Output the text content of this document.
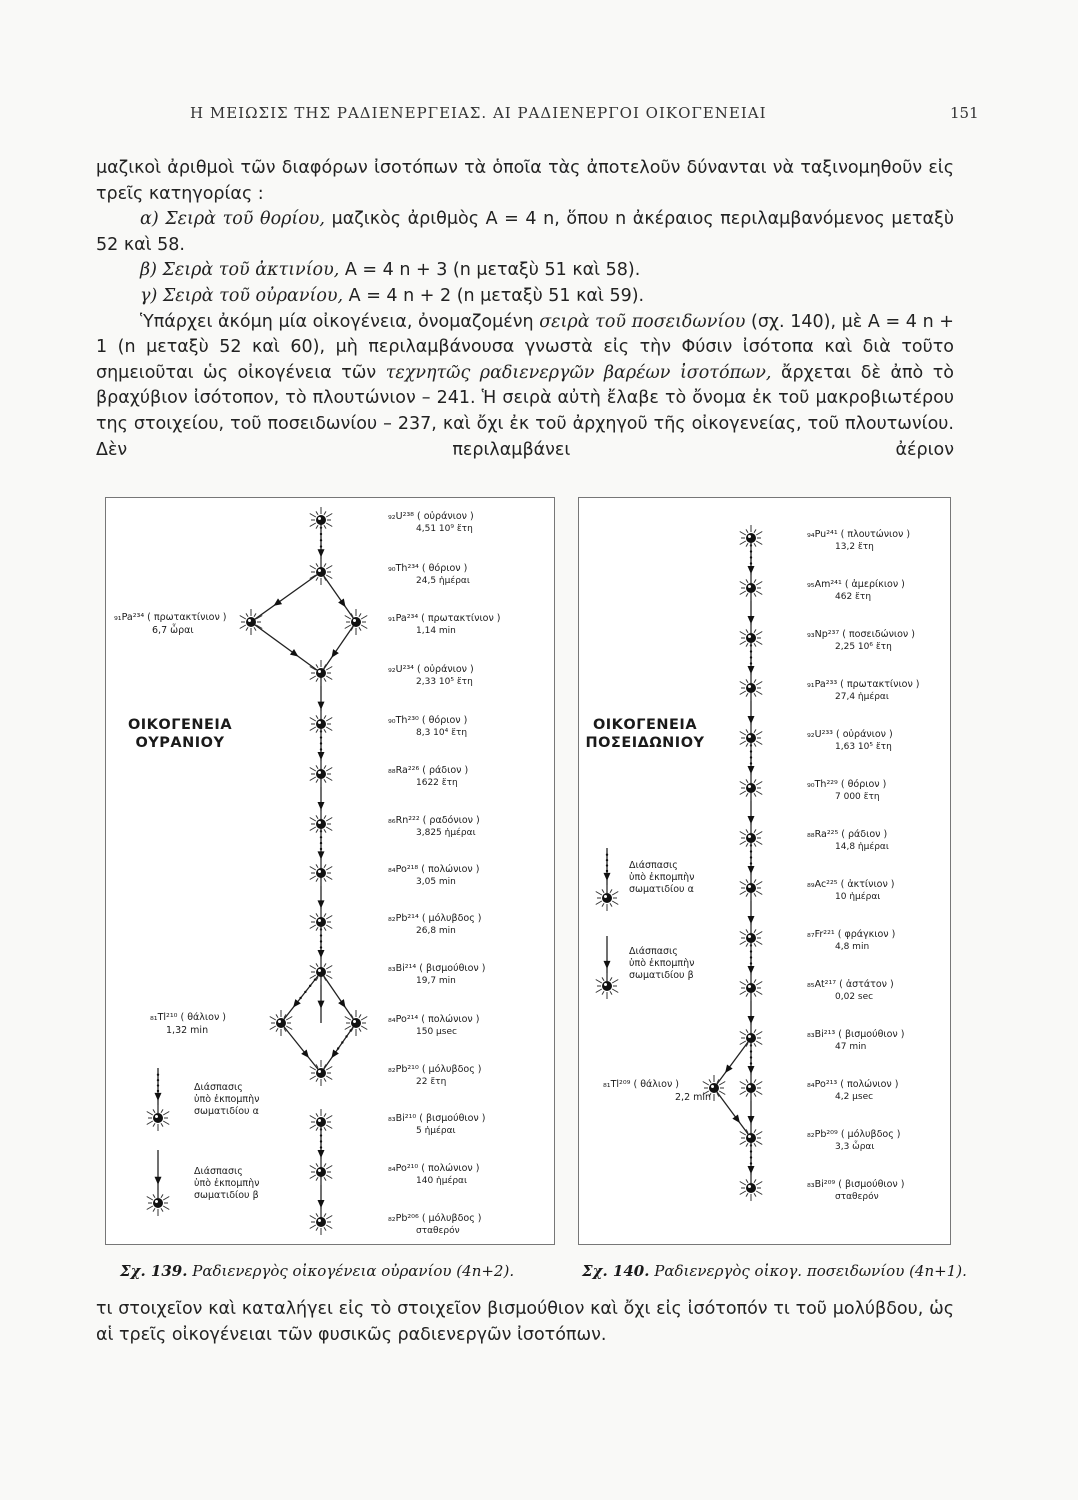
Η ΜΕΙΩΣΙΣ ΤΗΣ ΡΑΔΙΕΝΕΡΓΕΙΑΣ. ΑΙ ΡΑΔΙΕΝΕΡΓΟΙ ΟΙΚΟΓΕΝΕΙΑΙ	151

μαζικοὶ ἀριθμοὶ τῶν διαφόρων ἰσοτόπων τὰ ὁποῖα τὰς ἀποτελοῦν δύνανται νὰ ταξινομηθοῦν εἰς τρεῖς κατηγορίας :

α) Σειρὰ τοῦ θορίου, μαζικὸς ἀριθμὸς Α = 4 n, ὅπου n ἀκέραιος περιλαμβανόμενος μεταξὺ 52 καὶ 58.

β) Σειρὰ τοῦ ἀκτινίου, Α = 4 n + 3 (n μεταξὺ 51 καὶ 58).

γ) Σειρὰ τοῦ οὐρανίου, Α = 4 n + 2 (n μεταξὺ 51 καὶ 59).

Ὑπάρχει ἀκόμη μία οἰκογένεια, ὀνομαζομένη σειρὰ τοῦ ποσειδωνίου (σχ. 140), μὲ Α = 4 n + 1 (n μεταξὺ 52 καὶ 60), μὴ περιλαμβάνουσα γνωστὰ εἰς τὴν Φύσιν ἰσότοπα καὶ διὰ τοῦτο σημειοῦται ὡς οἰκογένεια τῶν τεχνητῶς ραδιενεργῶν βαρέων ἰσοτόπων, ἄρχεται δὲ ἀπὸ τὸ βραχύβιον ἰσότοπον, τὸ πλουτώνιον – 241. Ἡ σειρὰ αὐτὴ ἔλαβε τὸ ὄνομα ἐκ τοῦ μακροβιωτέρου της στοιχείου, τοῦ ποσειδωνίου – 237, καὶ ὄχι ἐκ τοῦ ἀρχηγοῦ τῆς οἰκογενείας, τοῦ πλουτωνίου. Δὲν περιλαμβάνει ἀέριον

ΟΙΚΟΓΕΝΕΙΑ ΟΥΡΑΝΙΟΥ
₉₁Pa²³⁴ ( πρωτακτίνιον )
6,7 ὧραι
₈₁Tl²¹⁰ ( θάλιον )
1,32 min
Διάσπασις
ὑπὸ ἐκπομπὴν
σωματιδίου α
Διάσπασις
ὑπὸ ἐκπομπὴν
σωματιδίου β
₉₂U²³⁸ ( οὐράνιον )
4,51 10⁹ ἔτη
₉₀Th²³⁴ ( θόριον )
24,5 ἡμέραι
₉₁Pa²³⁴ ( πρωτακτίνιον )
1,14 min
₉₂U²³⁴ ( οὐράνιον )
2,33 10⁵ ἔτη
₉₀Th²³⁰ ( θόριον )
8,3 10⁴ ἔτη
₈₈Ra²²⁶ ( ράδιον )
1622 ἔτη
₈₆Rn²²² ( ραδόνιον )
3,825 ἡμέραι
₈₄Po²¹⁸ ( πολώνιον )
3,05 min
₈₂Pb²¹⁴ ( μόλυβδος )
26,8 min
₈₃Bi²¹⁴ ( βισμούθιον )
19,7 min
₈₄Po²¹⁴ ( πολώνιον )
150 μsec
₈₂Pb²¹⁰ ( μόλυβδος )
22 ἔτη
₈₃Bi²¹⁰ ( βισμούθιον )
5 ἡμέραι
₈₄Po²¹⁰ ( πολώνιον )
140 ἡμέραι
₈₂Pb²⁰⁶ ( μόλυβδος )
σταθερόν
ΟΙΚΟΓΕΝΕΙΑ ΠΟΣΕΙΔΩΝΙΟΥ
₈₁Tl²⁰⁹ ( θάλιον )
2,2 min
Διάσπασις
ὑπὸ ἐκπομπὴν
σωματιδίου α
Διάσπασις
ὑπὸ ἐκπομπὴν
σωματιδίου β
₉₄Pu²⁴¹ ( πλουτώνιον )
13,2 ἔτη
₉₅Am²⁴¹ ( ἀμερίκιον )
462 ἔτη
₉₃Np²³⁷ ( ποσειδώνιον )
2,25 10⁶ ἔτη
₉₁Pa²³³ ( πρωτακτίνιον )
27,4 ἡμέραι
₉₂U²³³ ( οὐράνιον )
1,63 10⁵ ἔτη
₉₀Th²²⁹ ( θόριον )
7 000 ἔτη
₈₈Ra²²⁵ ( ράδιον )
14,8 ἡμέραι
₈₉Ac²²⁵ ( ἀκτίνιον )
10 ἡμέραι
₈₇Fr²²¹ ( φράγκιον )
4,8 min
₈₅At²¹⁷ ( ἀστάτον )
0,02 sec
₈₃Bi²¹³ ( βισμούθιον )
47 min
₈₄Po²¹³ ( πολώνιον )
4,2 μsec
₈₂Pb²⁰⁹ ( μόλυβδος )
3,3 ὧραι
₈₃Bi²⁰⁹ ( βισμούθιον )
σταθερόν
Σχ. 139. Ραδιενεργὸς οἰκογένεια οὐρανίου (4n+2).	Σχ. 140. Ραδιενεργὸς οἰκογ. ποσειδωνίου (4n+1).

τι στοιχεῖον καὶ καταλήγει εἰς τὸ στοιχεῖον βισμούθιον καὶ ὄχι εἰς ἰσότοπόν τι τοῦ μολύβδου, ὡς αἱ τρεῖς οἰκογένειαι τῶν φυσικῶς ραδιενεργῶν ἰσοτόπων.
